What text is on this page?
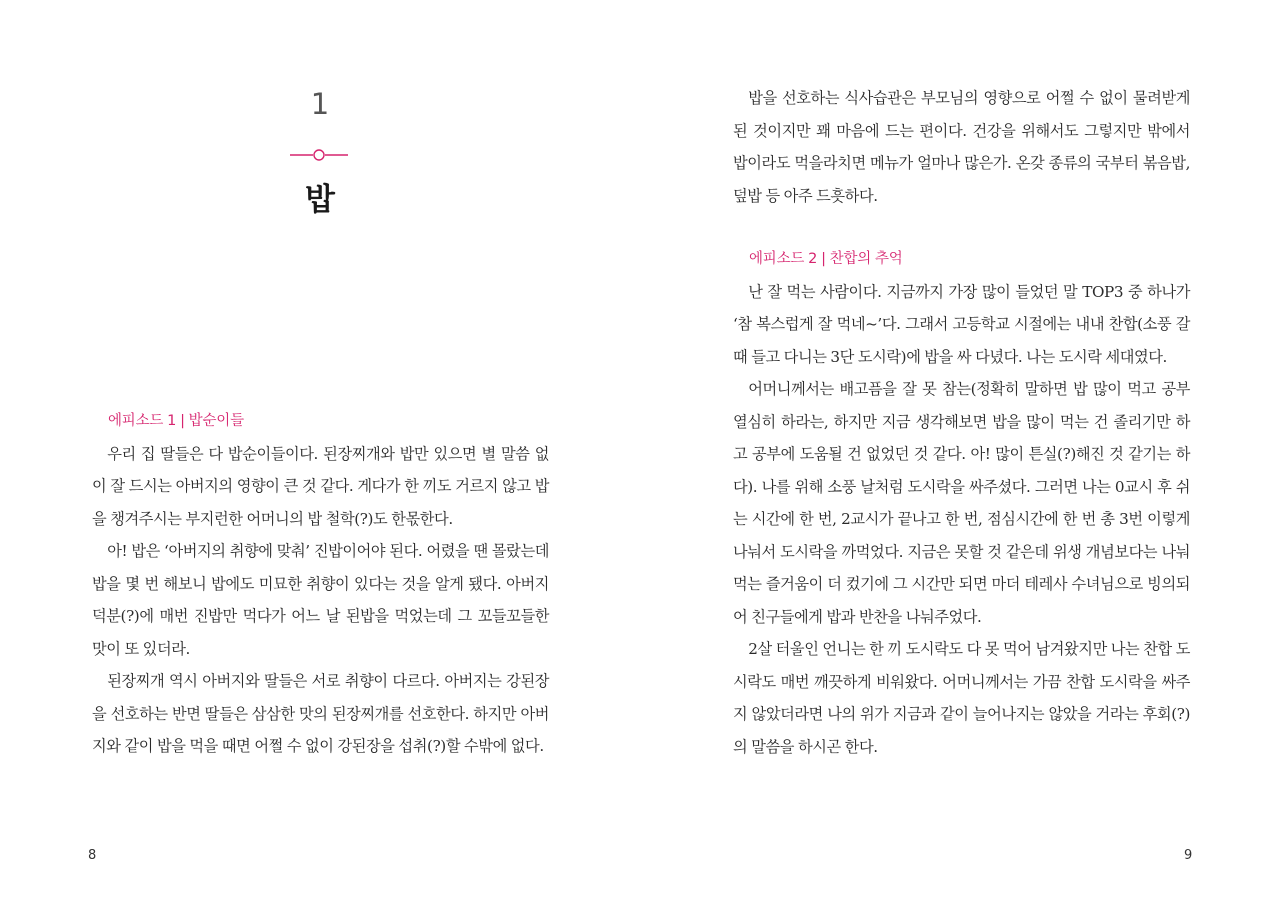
1
밥
8
에피소드 1 | 밥순이들

우리 집 딸들은 다 밥순이들이다. 된장찌개와 밥만 있으면 별 말씀 없이 잘 드시는 아버지의 영향이 큰 것 같다. 게다가 한 끼도 거르지 않고 밥을 챙겨주시는 부지런한 어머니의 밥 철학(?)도 한몫한다.

아! 밥은 ‘아버지의 취향에 맞춰’ 진밥이어야 된다. 어렸을 땐 몰랐는데 밥을 몇 번 해보니 밥에도 미묘한 취향이 있다는 것을 알게 됐다. 아버지 덕분(?)에 매번 진밥만 먹다가 어느 날 된밥을 먹었는데 그 꼬들꼬들한 맛이 또 있더라.

된장찌개 역시 아버지와 딸들은 서로 취향이 다르다. 아버지는 강된장을 선호하는 반면 딸들은 삼삼한 맛의 된장찌개를 선호한다. 하지만 아버지와 같이 밥을 먹을 때면 어쩔 수 없이 강된장을 섭취(?)할 수밖에 없다.

9

밥을 선호하는 식사습관은 부모님의 영향으로 어쩔 수 없이 물려받게 된 것이지만 꽤 마음에 드는 편이다. 건강을 위해서도 그렇지만 밖에서 밥이라도 먹을라치면 메뉴가 얼마나 많은가. 온갖 종류의 국부터 볶음밥, 덮밥 등 아주 드흣하다.

에피소드 2 | 찬합의 추억

난 잘 먹는 사람이다. 지금까지 가장 많이 들었던 말 TOP3 중 하나가 ‘참 복스럽게 잘 먹네~’다. 그래서 고등학교 시절에는 내내 찬합(소풍 갈 때 들고 다니는 3단 도시락)에 밥을 싸 다녔다. 나는 도시락 세대였다.

어머니께서는 배고픔을 잘 못 참는(정확히 말하면 밥 많이 먹고 공부 열심히 하라는, 하지만 지금 생각해보면 밥을 많이 먹는 건 졸리기만 하고 공부에 도움될 건 없었던 것 같다. 아! 많이 튼실(?)해진 것 같기는 하다). 나를 위해 소풍 날처럼 도시락을 싸주셨다. 그러면 나는 0교시 후 쉬는 시간에 한 번, 2교시가 끝나고 한 번, 점심시간에 한 번 총 3번 이렇게 나눠서 도시락을 까먹었다. 지금은 못할 것 같은데 위생 개념보다는 나눠 먹는 즐거움이 더 컸기에 그 시간만 되면 마더 테레사 수녀님으로 빙의되어 친구들에게 밥과 반찬을 나눠주었다.

2살 터울인 언니는 한 끼 도시락도 다 못 먹어 남겨왔지만 나는 찬합 도시락도 매번 깨끗하게 비워왔다. 어머니께서는 가끔 찬합 도시락을 싸주지 않았더라면 나의 위가 지금과 같이 늘어나지는 않았을 거라는 후회(?)의 말씀을 하시곤 한다.
